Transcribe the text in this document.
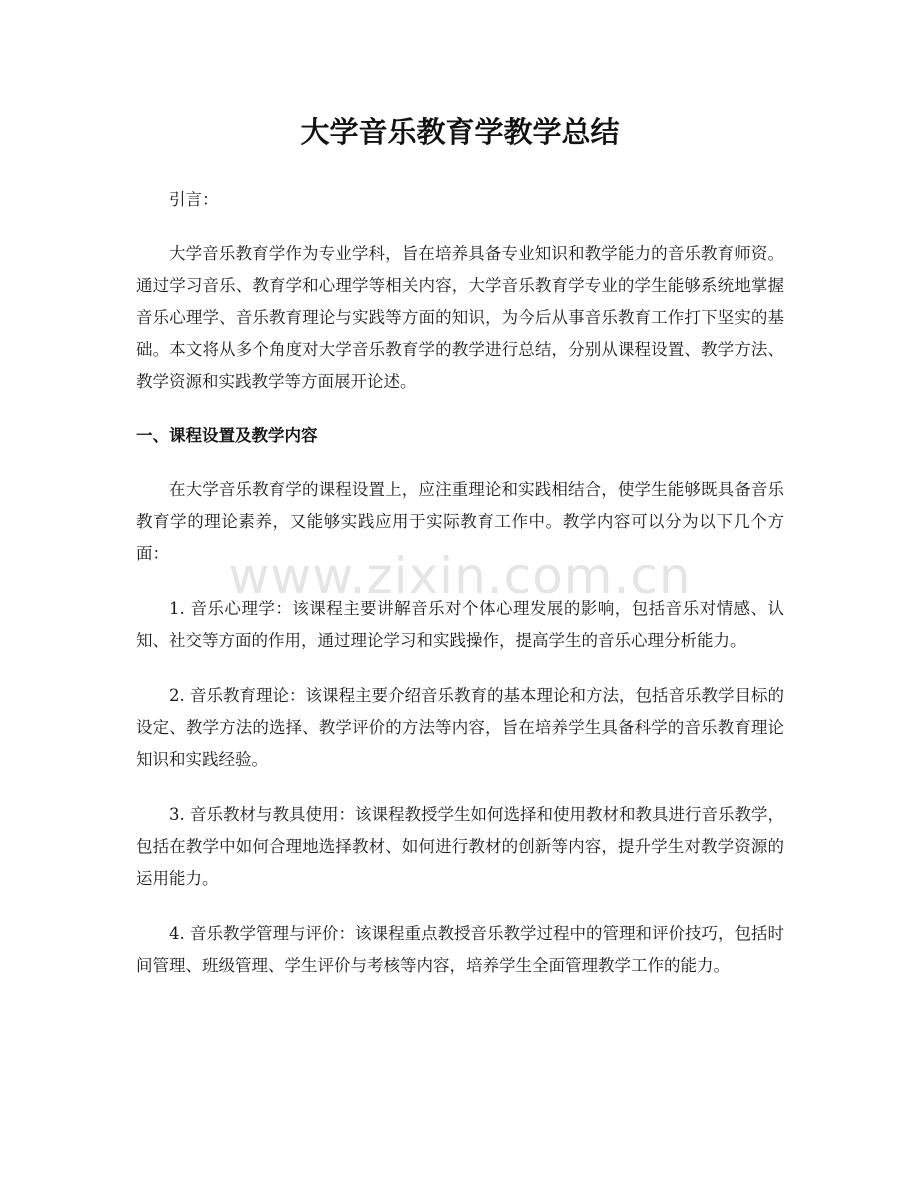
大学音乐教育学教学总结

引言：

大学音乐教育学作为专业学科，旨在培养具备专业知识和教学能力的音乐教育师资。通过学习音乐、教育学和心理学等相关内容，大学音乐教育学专业的学生能够系统地掌握音乐心理学、音乐教育理论与实践等方面的知识，为今后从事音乐教育工作打下坚实的基础。本文将从多个角度对大学音乐教育学的教学进行总结，分别从课程设置、教学方法、教学资源和实践教学等方面展开论述。

一、课程设置及教学内容

在大学音乐教育学的课程设置上，应注重理论和实践相结合，使学生能够既具备音乐教育学的理论素养，又能够实践应用于实际教育工作中。教学内容可以分为以下几个方面：

1. 音乐心理学：该课程主要讲解音乐对个体心理发展的影响，包括音乐对情感、认知、社交等方面的作用，通过理论学习和实践操作，提高学生的音乐心理分析能力。

2. 音乐教育理论：该课程主要介绍音乐教育的基本理论和方法，包括音乐教学目标的设定、教学方法的选择、教学评价的方法等内容，旨在培养学生具备科学的音乐教育理论知识和实践经验。

3. 音乐教材与教具使用：该课程教授学生如何选择和使用教材和教具进行音乐教学，包括在教学中如何合理地选择教材、如何进行教材的创新等内容，提升学生对教学资源的运用能力。

4. 音乐教学管理与评价：该课程重点教授音乐教学过程中的管理和评价技巧，包括时间管理、班级管理、学生评价与考核等内容，培养学生全面管理教学工作的能力。

www.zixin.com.cn
